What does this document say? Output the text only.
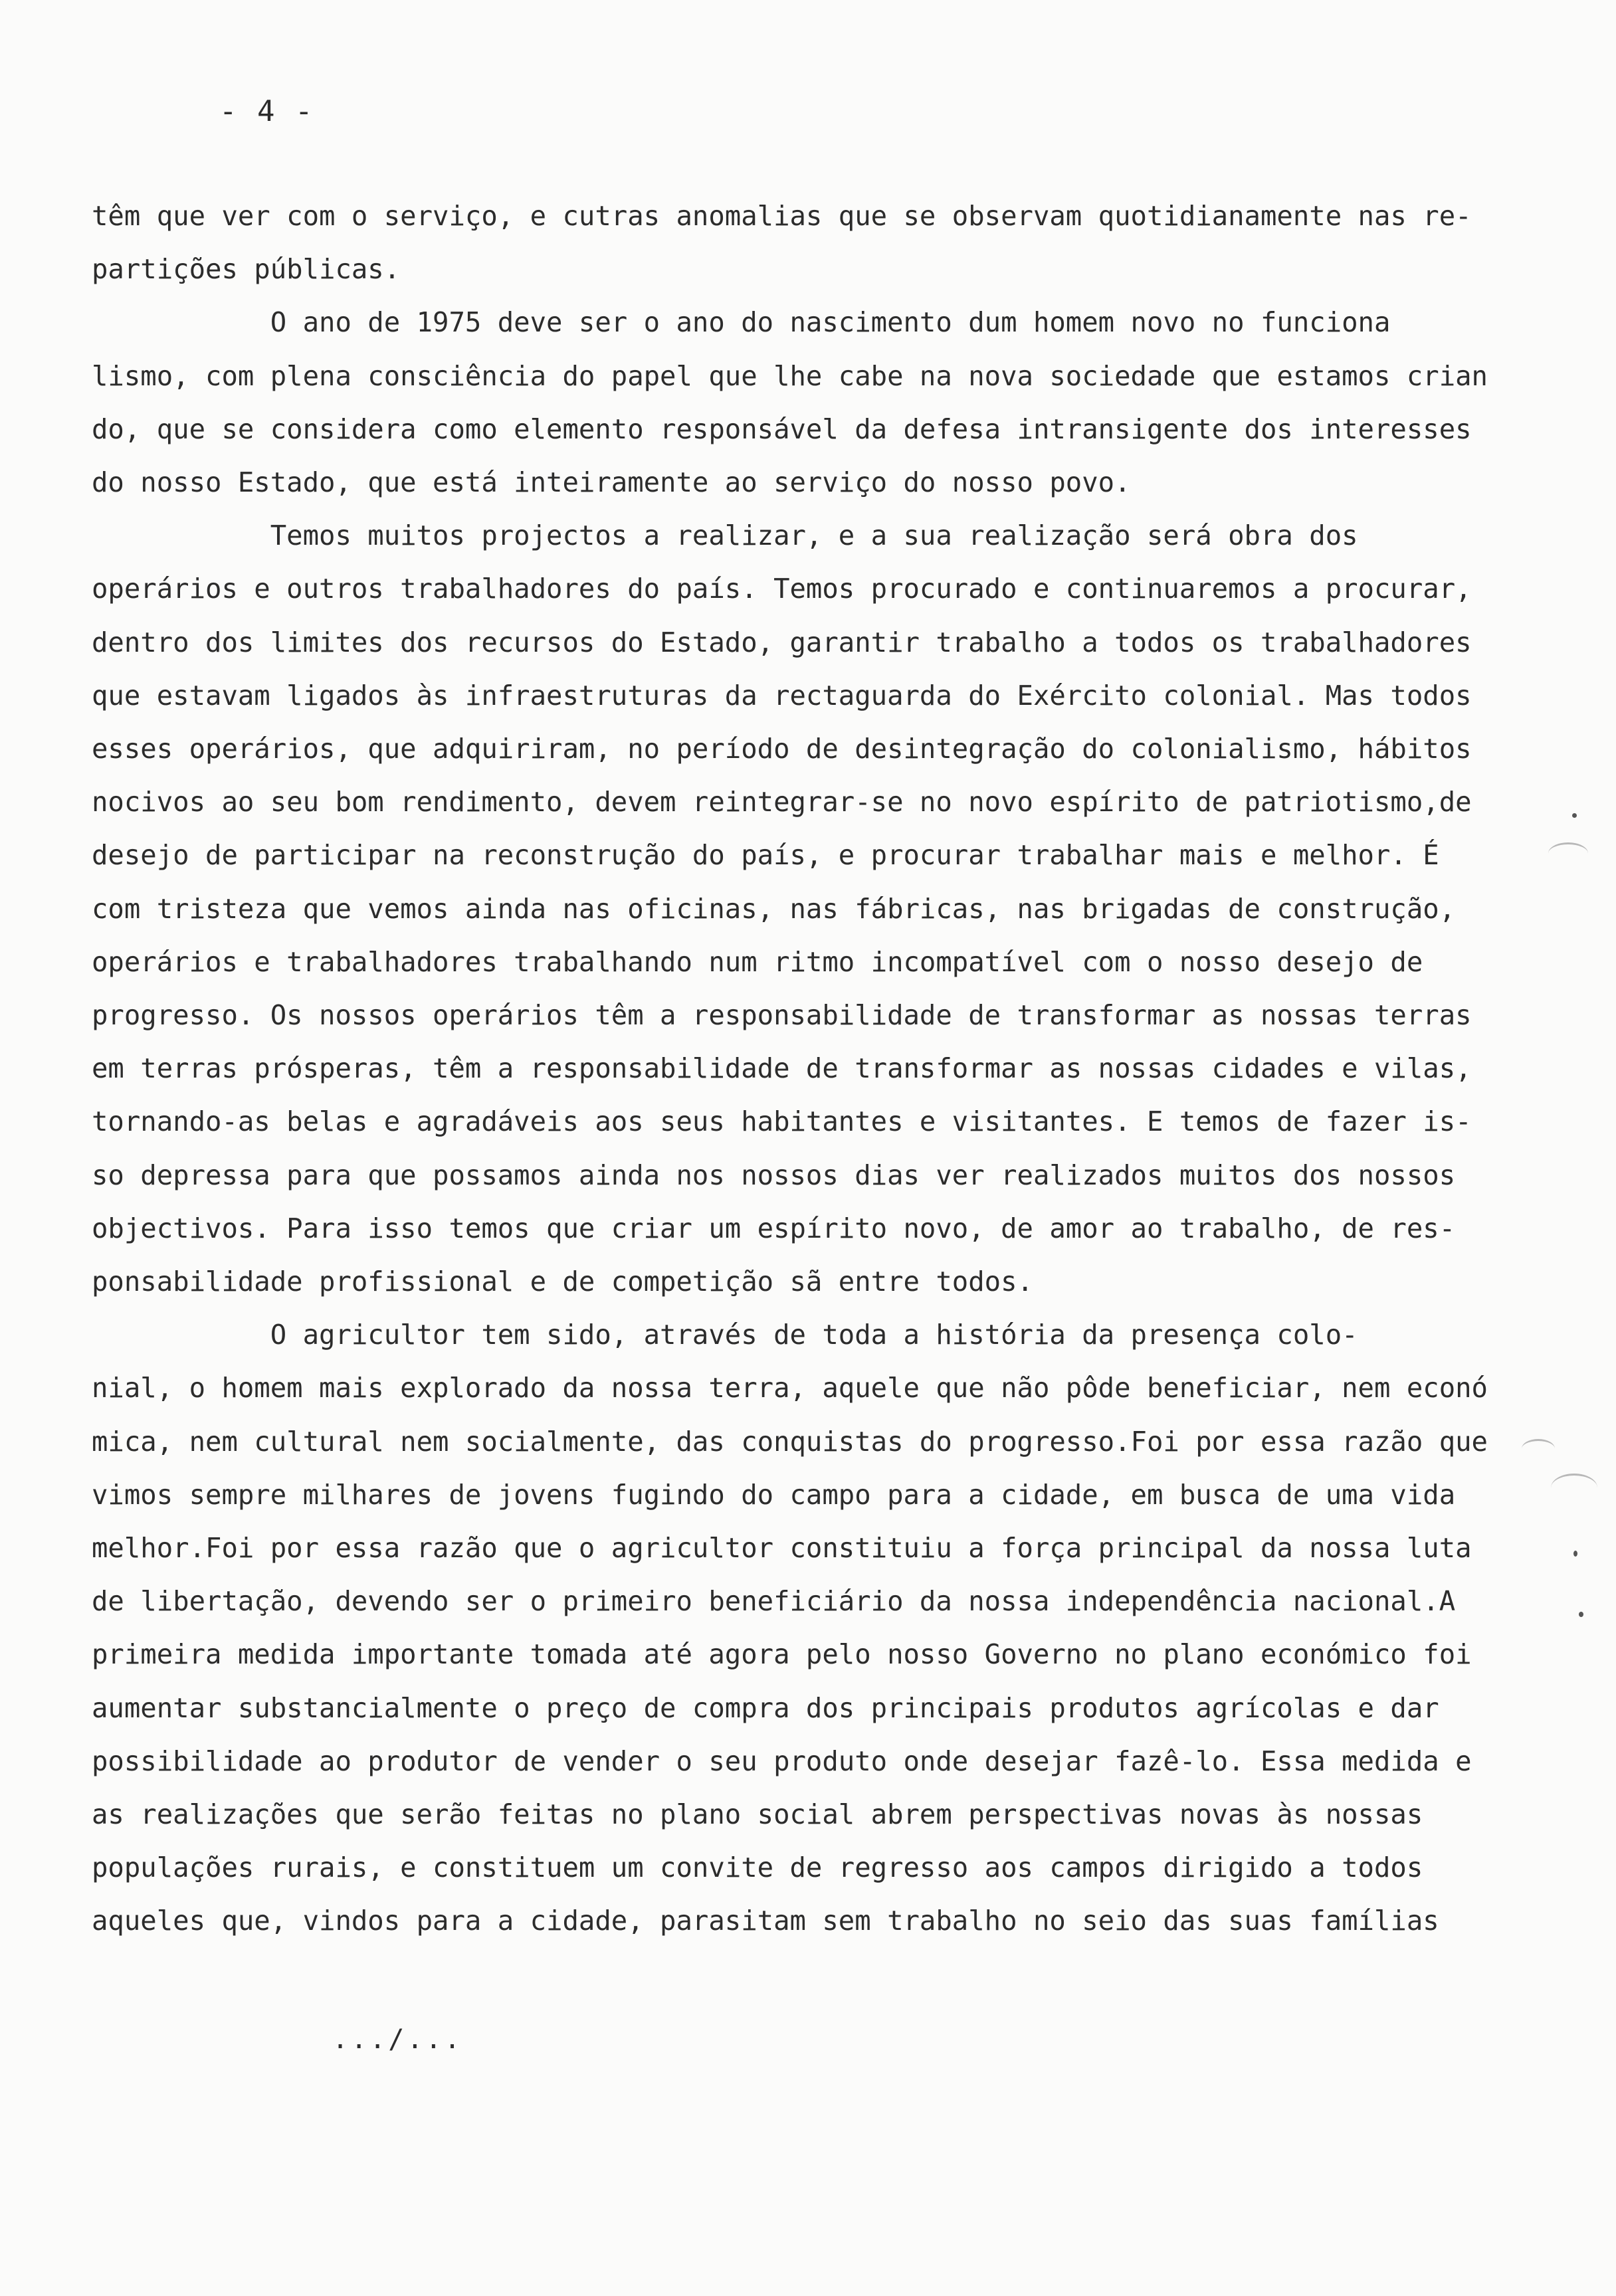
- 4 -
têm que ver com o serviço, e cutras anomalias que se observam quotidianamente nas re-
partições públicas.
O ano de 1975 deve ser o ano do nascimento dum homem novo no funciona
lismo, com plena consciência do papel que lhe cabe na nova sociedade que estamos crian
do, que se considera como elemento responsável da defesa intransigente dos interesses
do nosso Estado, que está inteiramente ao serviço do nosso povo.
Temos muitos projectos a realizar, e a sua realização será obra dos
operários e outros trabalhadores do país. Temos procurado e continuaremos a procurar,
dentro dos limites dos recursos do Estado, garantir trabalho a todos os trabalhadores
que estavam ligados às infraestruturas da rectaguarda do Exército colonial. Mas todos
esses operários, que adquiriram, no período de desintegração do colonialismo, hábitos
nocivos ao seu bom rendimento, devem reintegrar-se no novo espírito de patriotismo,de
desejo de participar na reconstrução do país, e procurar trabalhar mais e melhor. É
com tristeza que vemos ainda nas oficinas, nas fábricas, nas brigadas de construção,
operários e trabalhadores trabalhando num ritmo incompatível com o nosso desejo de
progresso. Os nossos operários têm a responsabilidade de transformar as nossas terras
em terras prósperas, têm a responsabilidade de transformar as nossas cidades e vilas,
tornando-as belas e agradáveis aos seus habitantes e visitantes. E temos de fazer is-
so depressa para que possamos ainda nos nossos dias ver realizados muitos dos nossos
objectivos. Para isso temos que criar um espírito novo, de amor ao trabalho, de res-
ponsabilidade profissional e de competição sã entre todos.
O agricultor tem sido, através de toda a história da presença colo-
nial, o homem mais explorado da nossa terra, aquele que não pôde beneficiar, nem econó
mica, nem cultural nem socialmente, das conquistas do progresso.Foi por essa razão que
vimos sempre milhares de jovens fugindo do campo para a cidade, em busca de uma vida
melhor.Foi por essa razão que o agricultor constituiu a força principal da nossa luta
de libertação, devendo ser o primeiro beneficiário da nossa independência nacional.A
primeira medida importante tomada até agora pelo nosso Governo no plano económico foi
aumentar substancialmente o preço de compra dos principais produtos agrícolas e dar
possibilidade ao produtor de vender o seu produto onde desejar fazê-lo. Essa medida e
as realizações que serão feitas no plano social abrem perspectivas novas às nossas
populações rurais, e constituem um convite de regresso aos campos dirigido a todos
aqueles que, vindos para a cidade, parasitam sem trabalho no seio das suas famílias
.../...
